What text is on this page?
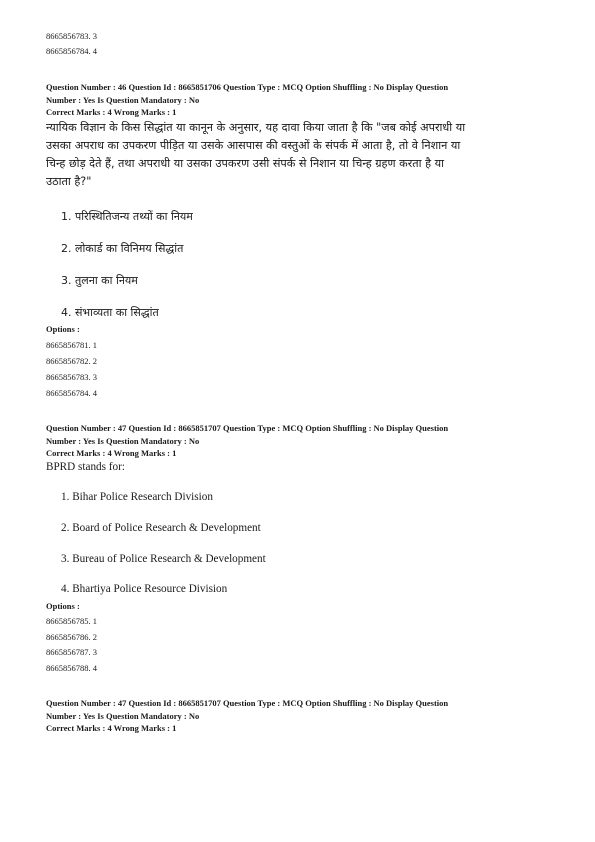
8665856783. 3
8665856784. 4
Question Number : 46 Question Id : 8665851706 Question Type : MCQ Option Shuffling : No Display Question
Number : Yes Is Question Mandatory : No
Correct Marks : 4 Wrong Marks : 1
न्यायिक विज्ञान के किस सिद्धांत या कानून के अनुसार, यह दावा किया जाता है कि "जब कोई अपराधी या
उसका अपराध का उपकरण पीड़ित या उसके आसपास की वस्तुओं के संपर्क में आता है, तो वे निशान या
चिन्ह छोड़ देते हैं, तथा अपराधी या उसका उपकरण उसी संपर्क से निशान या चिन्ह ग्रहण करता है या
उठाता है?"
1. परिस्थितिजन्य तथ्यों का नियम
2. लोकार्ड का विनिमय सिद्धांत
3. तुलना का नियम
4. संभाव्यता का सिद्धांत
Options :
8665856781. 1
8665856782. 2
8665856783. 3
8665856784. 4
Question Number : 47 Question Id : 8665851707 Question Type : MCQ Option Shuffling : No Display Question
Number : Yes Is Question Mandatory : No
Correct Marks : 4 Wrong Marks : 1
BPRD stands for:
1. Bihar Police Research Division
2. Board of Police Research & Development
3. Bureau of Police Research & Development
4. Bhartiya Police Resource Division
Options :
8665856785. 1
8665856786. 2
8665856787. 3
8665856788. 4
Question Number : 47 Question Id : 8665851707 Question Type : MCQ Option Shuffling : No Display Question
Number : Yes Is Question Mandatory : No
Correct Marks : 4 Wrong Marks : 1
